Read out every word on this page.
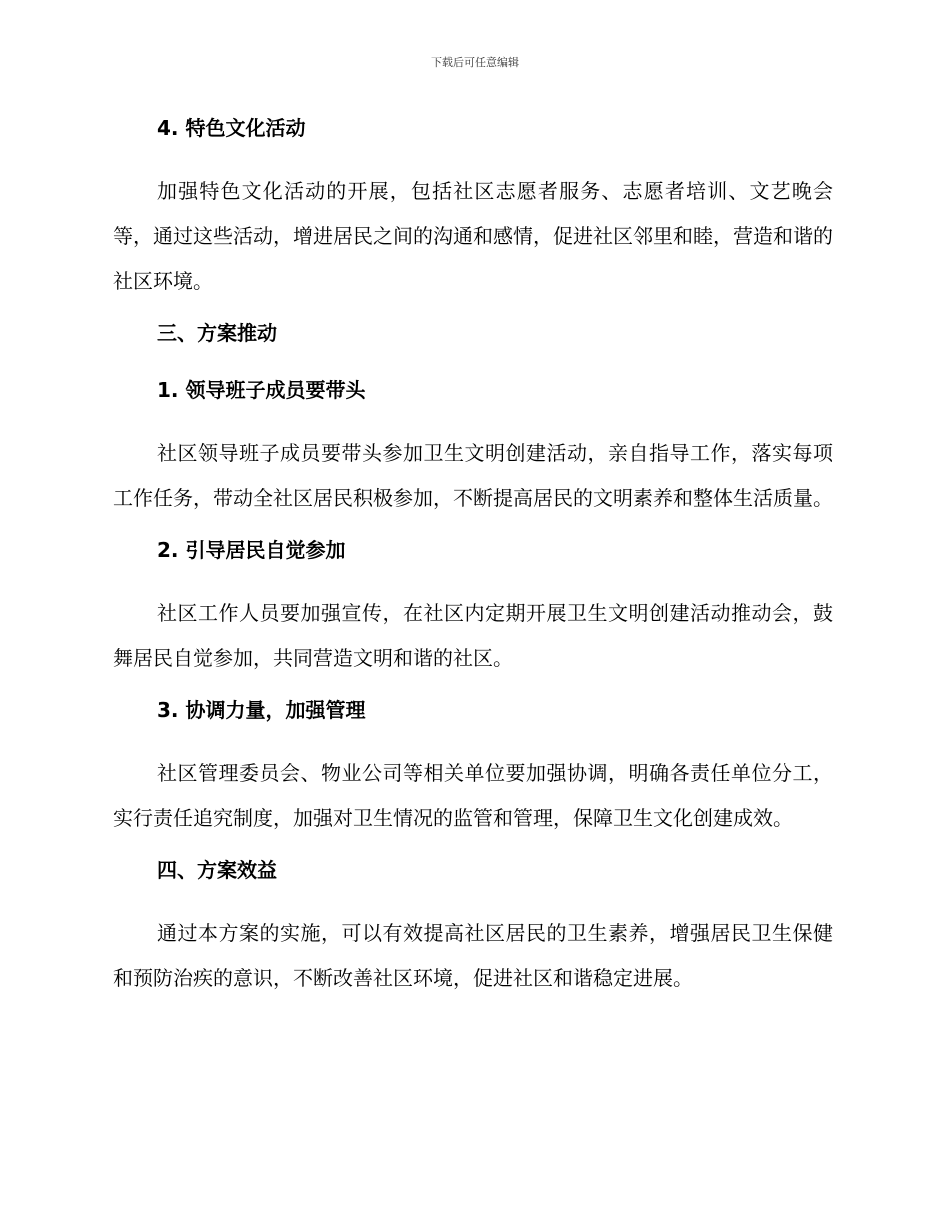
下载后可任意编辑
4. 特色文化活动
加强特色文化活动的开展，包括社区志愿者服务、志愿者培训、文艺晚会等，通过这些活动，增进居民之间的沟通和感情，促进社区邻里和睦，营造和谐的社区环境。
三、方案推动
1. 领导班子成员要带头
社区领导班子成员要带头参加卫生文明创建活动，亲自指导工作，落实每项工作任务，带动全社区居民积极参加，不断提高居民的文明素养和整体生活质量。
2. 引导居民自觉参加
社区工作人员要加强宣传，在社区内定期开展卫生文明创建活动推动会，鼓舞居民自觉参加，共同营造文明和谐的社区。
3. 协调力量，加强管理
社区管理委员会、物业公司等相关单位要加强协调，明确各责任单位分工，实行责任追究制度，加强对卫生情况的监管和管理，保障卫生文化创建成效。
四、方案效益
通过本方案的实施，可以有效提高社区居民的卫生素养，增强居民卫生保健和预防治疾的意识，不断改善社区环境，促进社区和谐稳定进展。
